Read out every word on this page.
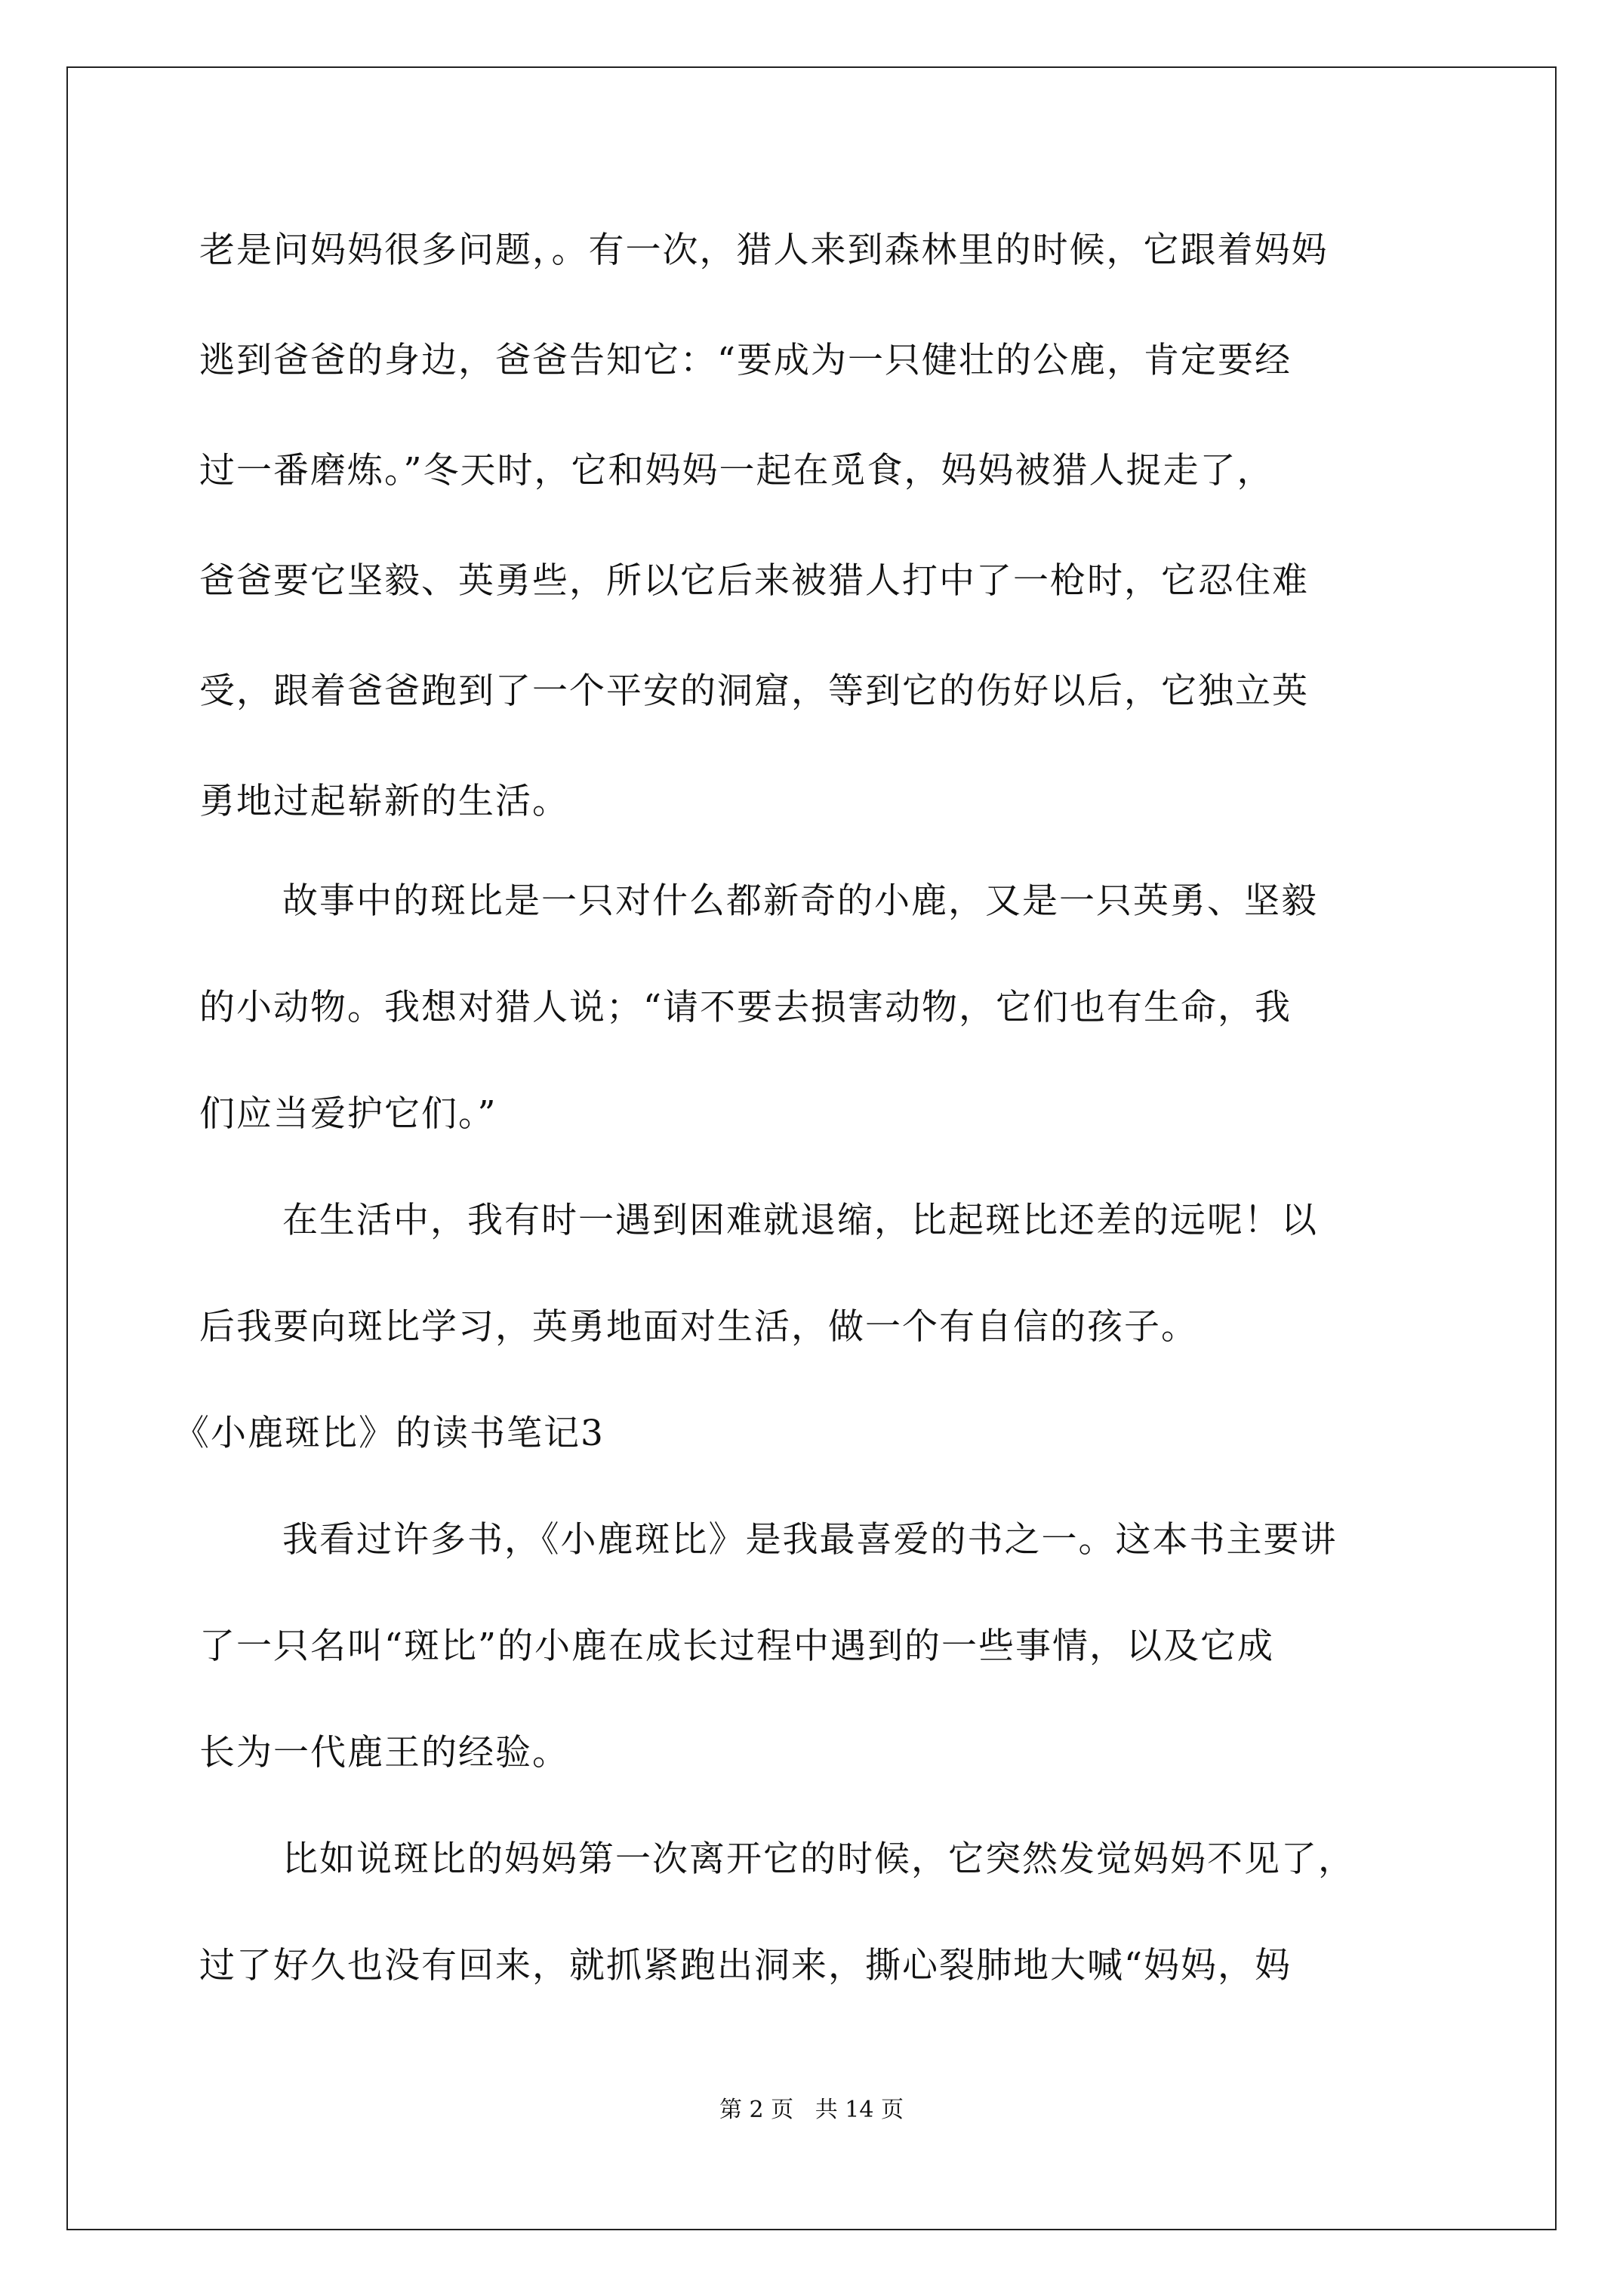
老是问妈妈很多问题，。有一次，猎人来到森林里的时候，它跟着妈妈
逃到爸爸的身边，爸爸告知它：“要成为一只健壮的公鹿，肯定要经
过一番磨炼。”冬天时，它和妈妈一起在觅食，妈妈被猎人捉走了，
爸爸要它坚毅、英勇些，所以它后来被猎人打中了一枪时，它忍住难
受，跟着爸爸跑到了一个平安的洞窟，等到它的伤好以后，它独立英
勇地过起崭新的生活。
故事中的斑比是一只对什么都新奇的小鹿，又是一只英勇、坚毅
的小动物。我想对猎人说；“请不要去损害动物，它们也有生命，我
们应当爱护它们。”
在生活中，我有时一遇到困难就退缩，比起斑比还差的远呢！以
后我要向斑比学习，英勇地面对生活，做一个有自信的孩子。
《小鹿斑比》的读书笔记3
我看过许多书，《小鹿斑比》是我最喜爱的书之一。这本书主要讲
了一只名叫“斑比”的小鹿在成长过程中遇到的一些事情，以及它成
长为一代鹿王的经验。
比如说斑比的妈妈第一次离开它的时候，它突然发觉妈妈不见了，
过了好久也没有回来，就抓紧跑出洞来，撕心裂肺地大喊“妈妈，妈
第 2 页   共 14 页
